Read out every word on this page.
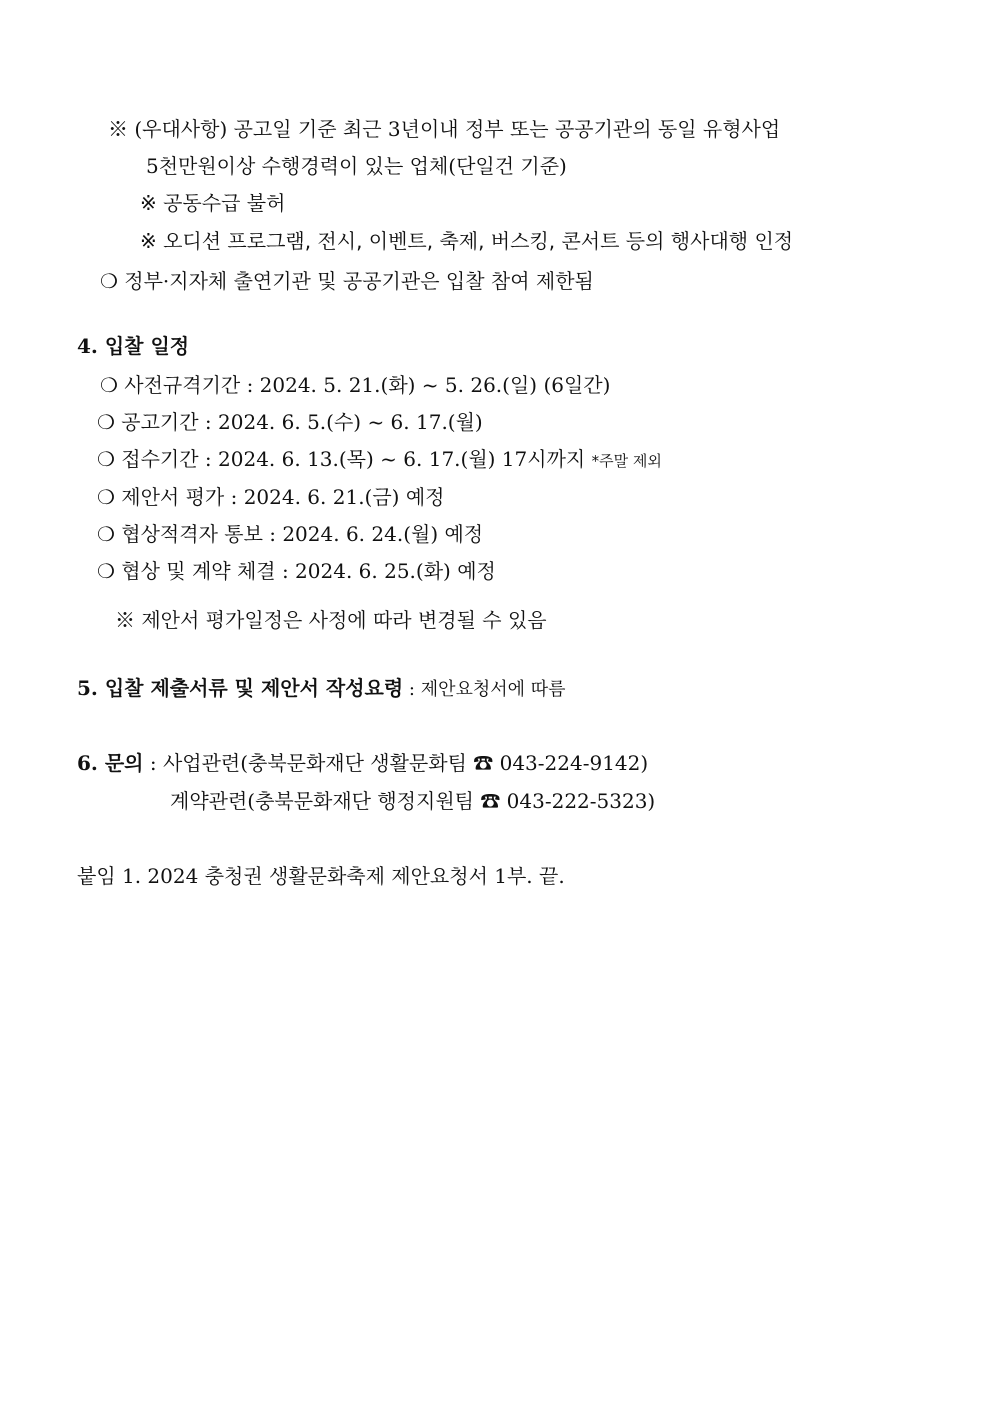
※ (우대사항) 공고일 기준 최근 3년이내 정부 또는 공공기관의 동일 유형사업
5천만원이상 수행경력이 있는 업체(단일건 기준)
※ 공동수급 불허
※ 오디션 프로그램, 전시, 이벤트, 축제, 버스킹, 콘서트 등의 행사대행 인정
❍ 정부·지자체 출연기관 및 공공기관은 입찰 참여 제한됨
4. 입찰 일정
❍ 사전규격기간 : 2024. 5. 21.(화) ~ 5. 26.(일) (6일간)
❍ 공고기간 : 2024. 6. 5.(수) ~ 6. 17.(월)
❍ 접수기간 : 2024. 6. 13.(목) ~ 6. 17.(월) 17시까지 *주말 제외
❍ 제안서 평가 : 2024. 6. 21.(금) 예정
❍ 협상적격자 통보 : 2024. 6. 24.(월) 예정
❍ 협상 및 계약 체결 : 2024. 6. 25.(화) 예정
※ 제안서 평가일정은 사정에 따라 변경될 수 있음
5. 입찰 제출서류 및 제안서 작성요령 : 제안요청서에 따름
6. 문의 : 사업관련(충북문화재단 생활문화팀 ☎ 043-224-9142)
계약관련(충북문화재단 행정지원팀 ☎ 043-222-5323)
붙임 1. 2024 충청권 생활문화축제 제안요청서 1부. 끝.
